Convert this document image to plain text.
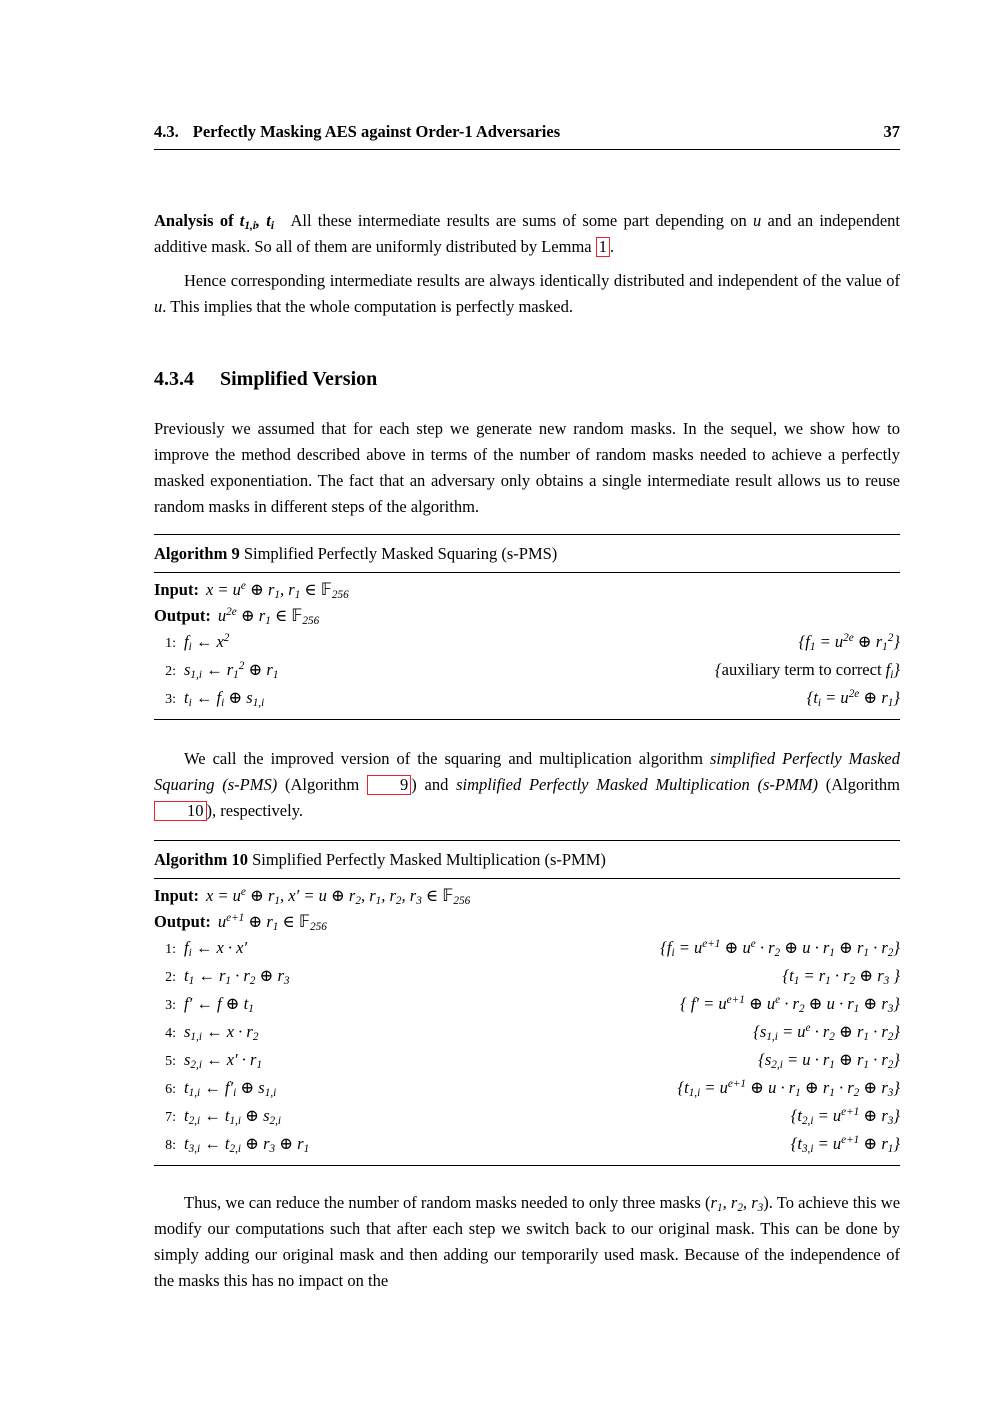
4.3. Perfectly Masking AES against Order-1 Adversaries	37

Analysis of $t_{1,i}$, $t_i$ All these intermediate results are sums of some part depending on u and an independent additive mask. So all of them are uniformly distributed by Lemma 1 .

Hence corresponding intermediate results are always identically distributed and independent of the value of u. This implies that the whole computation is perfectly masked.

4.3.4 Simplified Version

Previously we assumed that for each step we generate new random masks. In the sequel, we show how to improve the method described above in terms of the number of random masks needed to achieve a perfectly masked exponentiation. The fact that an adversary only obtains a single intermediate result allows us to reuse random masks in different steps of the algorithm.

Algorithm 9 Simplified Perfectly Masked Squaring (s-PMS)
Input: $x = u^e$ ⊕ $r_1$, $r_1$ ∈ 𝔽$_{256}$
Output: $u^{2e}$ ⊕ $r_1$ ∈ 𝔽$_{256}$
1: $f_i$ ← $x^2$	{$f_1 = u^{2e}$ ⊕ $r_1^2$}
2: $s_{1,i}$ ← $r_1^2$ ⊕ $r_1$	{auxiliary term to correct $f_i$}
3: $t_i$ ← $f_i$ ⊕ $s_{1,i}$	{$t_i = u^{2e}$ ⊕ $r_1$}

We call the improved version of the squaring and multiplication algorithm simplified Perfectly Masked Squaring (s-PMS) (Algorithm 9 ) and simplified Perfectly Masked Multiplication (s-PMM) (Algorithm 10 ), respectively.

Algorithm 10 Simplified Perfectly Masked Multiplication (s-PMM)
Input: $x = u^e$ ⊕ $r_1$, x′ = u ⊕ $r_2$, $r_1$, $r_2$, $r_3$ ∈ 𝔽$_{256}$
Output: $u^{e+1}$ ⊕ $r_1$ ∈ 𝔽$_{256}$
1: $f_i$ ← x · x′	{$f_i = u^{e+1}$ ⊕ $u^e \cdot r_2$ ⊕ $u \cdot r_1$ ⊕ $r_1 \cdot r_2$}
2: $t_1$ ← $r_1 \cdot r_2$ ⊕ $r_3$	{$t_1 = r_1 \cdot r_2$ ⊕ $r_3$ }
3: f′ ← f ⊕ $t_1$	{ $f' = u^{e+1}$ ⊕ $u^e \cdot r_2$ ⊕ $u \cdot r_1$ ⊕ $r_3$}
4: $s_{1,i}$ ← $x \cdot r_2$	{$s_{1,i} = u^e \cdot r_2$ ⊕ $r_1 \cdot r_2$}
5: $s_{2,i}$ ← $x' \cdot r_1$	{$s_{2,i} = u \cdot r_1$ ⊕ $r_1 \cdot r_2$}
6: $t_{1,i}$ ← $f'_i$ ⊕ $s_{1,i}$	{$t_{1,i} = u^{e+1}$ ⊕ $u \cdot r_1$ ⊕ $r_1 \cdot r_2$ ⊕ $r_3$}
7: $t_{2,i}$ ← $t_{1,i}$ ⊕ $s_{2,i}$	{$t_{2,i} = u^{e+1}$ ⊕ $r_3$}
8: $t_{3,i}$ ← $t_{2,i}$ ⊕ $r_3$ ⊕ $r_1$	{$t_{3,i} = u^{e+1}$ ⊕ $r_1$}

Thus, we can reduce the number of random masks needed to only three masks ($r_1$, $r_2$, $r_3$). To achieve this we modify our computations such that after each step we switch back to our original mask. This can be done by simply adding our original mask and then adding our temporarily used mask. Because of the independence of the masks this has no impact on the
